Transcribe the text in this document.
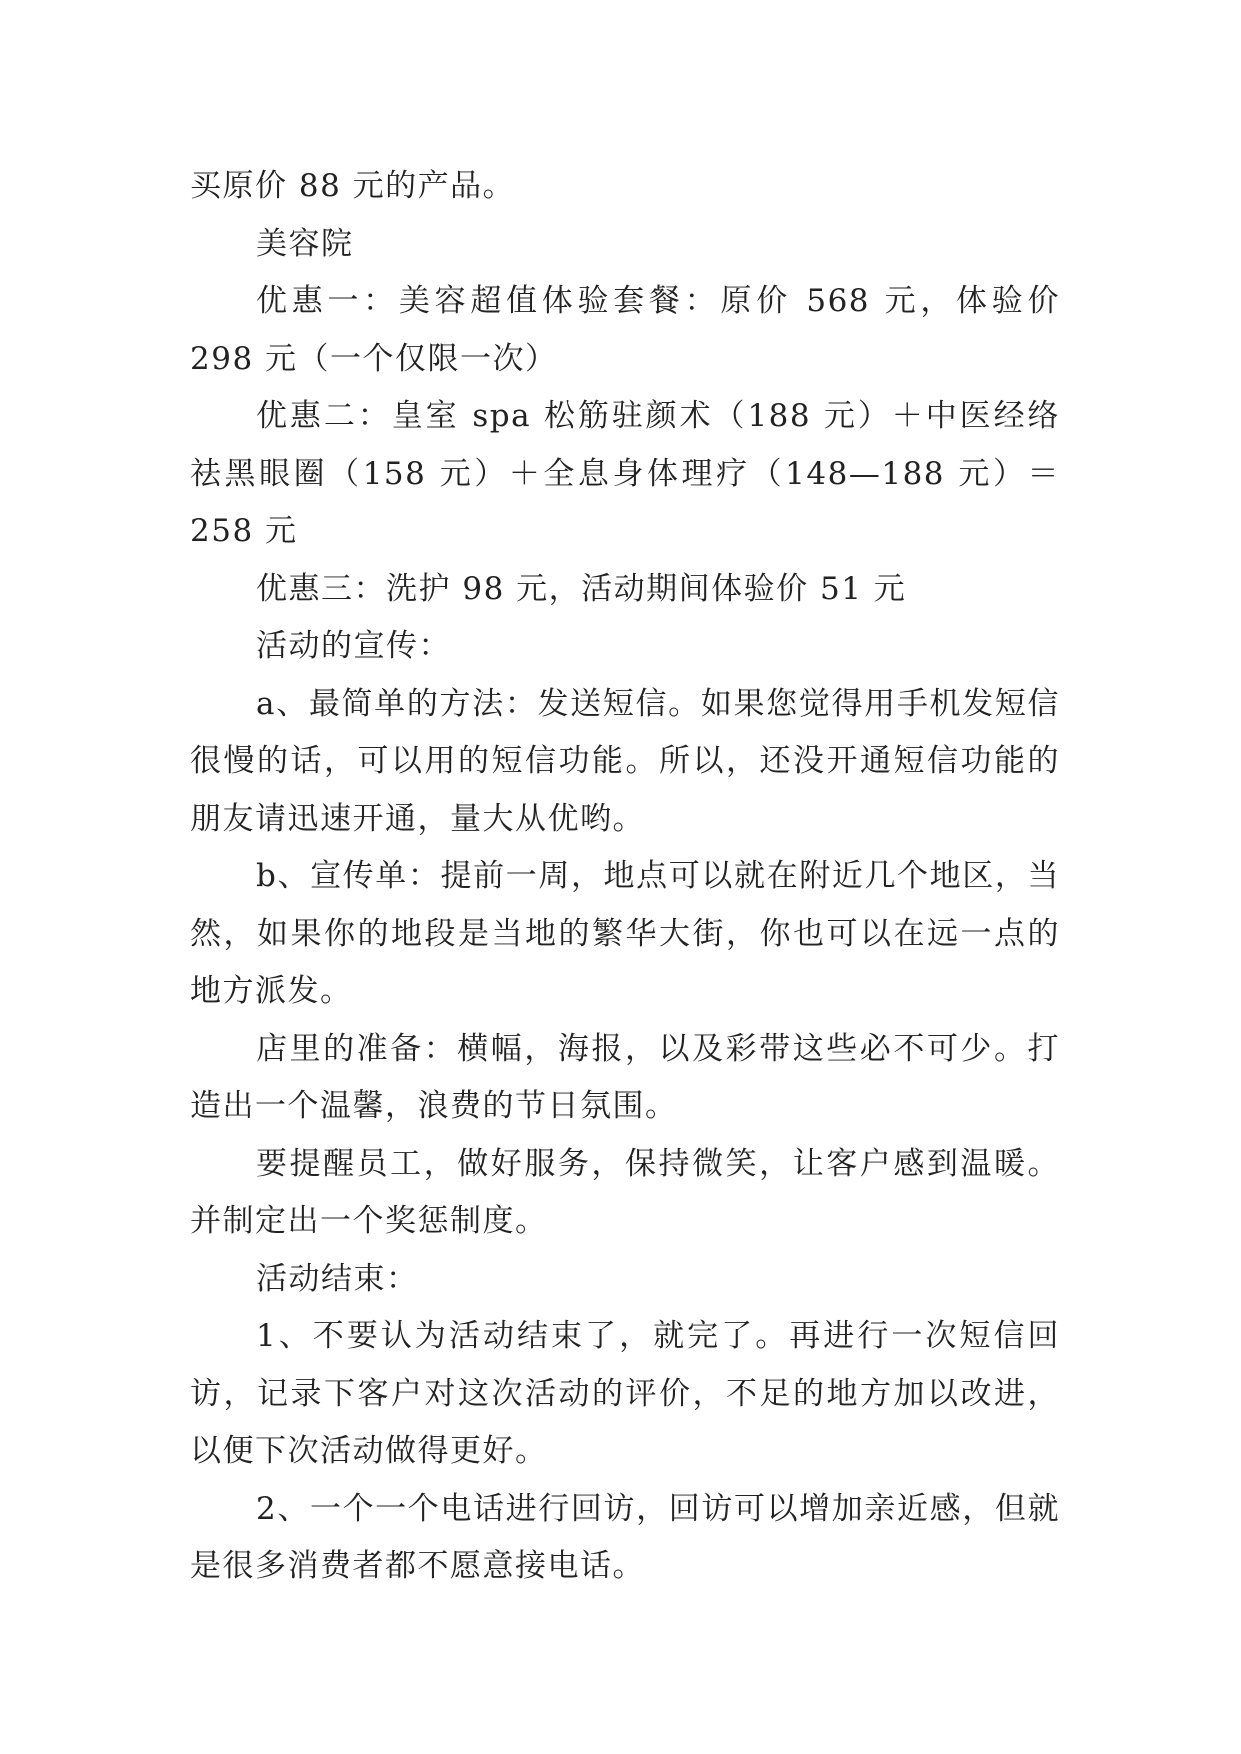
买原价 88 元的产品。

美容院

优惠一：美容超值体验套餐：原价 568 元，体验价 298 元（一个仅限一次）

优惠二：皇室 spa 松筋驻颜术（188 元）＋中医经络祛黑眼圈（158 元）＋全息身体理疗（148—188 元）＝258 元

优惠三：洗护 98 元，活动期间体验价 51 元

活动的宣传：

a、最简单的方法：发送短信。如果您觉得用手机发短信很慢的话，可以用的短信功能。所以，还没开通短信功能的朋友请迅速开通，量大从优哟。

b、宣传单：提前一周，地点可以就在附近几个地区，当然，如果你的地段是当地的繁华大街，你也可以在远一点的地方派发。

店里的准备：横幅，海报，以及彩带这些必不可少。打造出一个温馨，浪费的节日氛围。

要提醒员工，做好服务，保持微笑，让客户感到温暖。并制定出一个奖惩制度。

活动结束：

1、不要认为活动结束了，就完了。再进行一次短信回访，记录下客户对这次活动的评价，不足的地方加以改进，以便下次活动做得更好。

2、一个一个电话进行回访，回访可以增加亲近感，但就是很多消费者都不愿意接电话。
